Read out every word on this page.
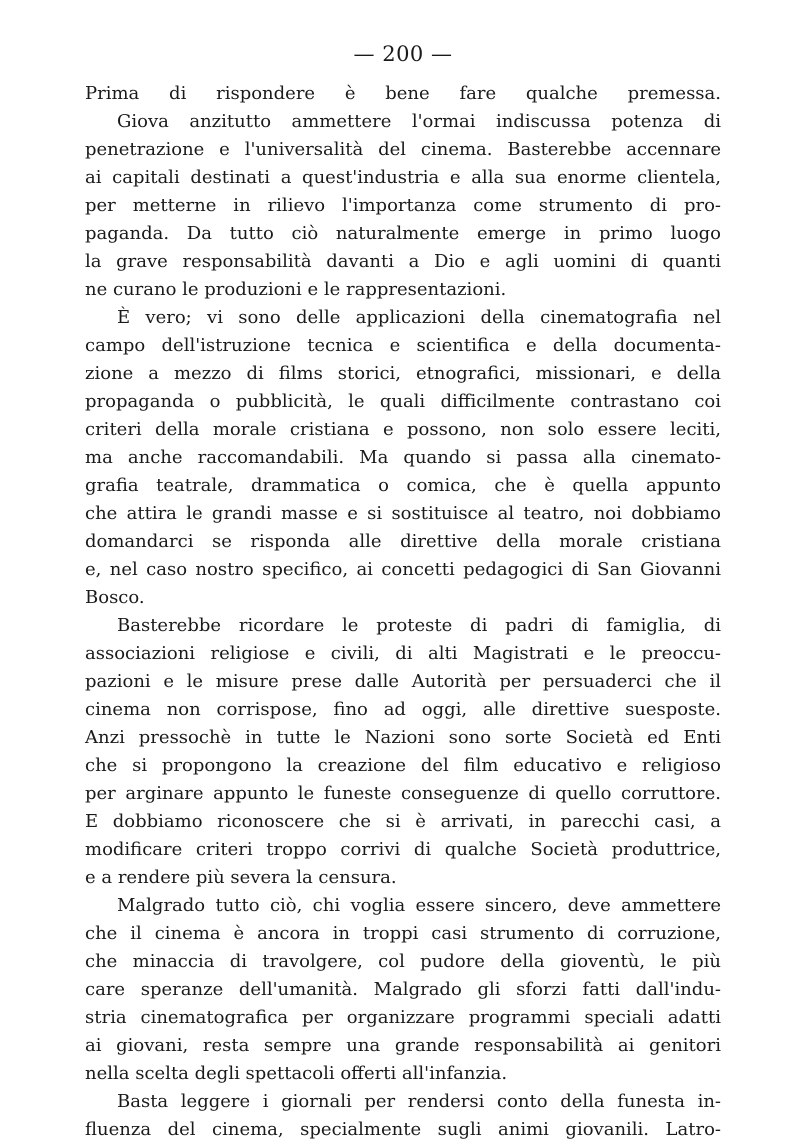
— 200 —
Prima di rispondere è bene fare qualche premessa.
Giova anzitutto ammettere l'ormai indiscussa potenza di
penetrazione e l'universalità del cinema. Basterebbe accennare
ai capitali destinati a quest'industria e alla sua enorme clientela,
per metterne in rilievo l'importanza come strumento di pro-
paganda. Da tutto ciò naturalmente emerge in primo luogo
la grave responsabilità davanti a Dio e agli uomini di quanti
ne curano le produzioni e le rappresentazioni.
È vero; vi sono delle applicazioni della cinematografia nel
campo dell'istruzione tecnica e scientifica e della documenta-
zione a mezzo di films storici, etnografici, missionari, e della
propaganda o pubblicità, le quali difficilmente contrastano coi
criteri della morale cristiana e possono, non solo essere leciti,
ma anche raccomandabili. Ma quando si passa alla cinemato-
grafia teatrale, drammatica o comica, che è quella appunto
che attira le grandi masse e si sostituisce al teatro, noi dobbiamo
domandarci se risponda alle direttive della morale cristiana
e, nel caso nostro specifico, ai concetti pedagogici di San Giovanni
Bosco.
Basterebbe ricordare le proteste di padri di famiglia, di
associazioni religiose e civili, di alti Magistrati e le preoccu-
pazioni e le misure prese dalle Autorità per persuaderci che il
cinema non corrispose, fino ad oggi, alle direttive suesposte.
Anzi pressochè in tutte le Nazioni sono sorte Società ed Enti
che si propongono la creazione del film educativo e religioso
per arginare appunto le funeste conseguenze di quello corruttore.
E dobbiamo riconoscere che si è arrivati, in parecchi casi, a
modificare criteri troppo corrivi di qualche Società produttrice,
e a rendere più severa la censura.
Malgrado tutto ciò, chi voglia essere sincero, deve ammettere
che il cinema è ancora in troppi casi strumento di corruzione,
che minaccia di travolgere, col pudore della gioventù, le più
care speranze dell'umanità. Malgrado gli sforzi fatti dall'indu-
stria cinematografica per organizzare programmi speciali adatti
ai giovani, resta sempre una grande responsabilità ai genitori
nella scelta degli spettacoli offerti all'infanzia.
Basta leggere i giornali per rendersi conto della funesta in-
fluenza del cinema, specialmente sugli animi giovanili. Latro-
